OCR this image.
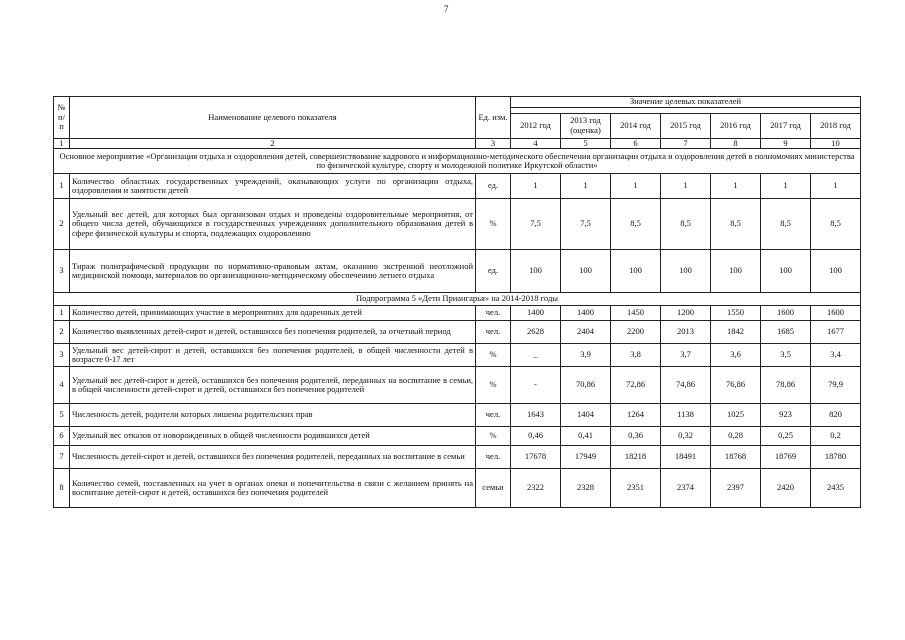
7
№ п/п	Наименование целевого показателя	Ед. изм.	Значение целевых показателей						

			2012 год	2013 год (оценка)	2014 год	2015 год	2016 год	2017 год	2018 год
1	2	3	4	5	6	7	8	9	10
Основное мероприятие «Организация отдыха и оздоровления детей, совершенствование кадрового и информационно-методического обеспечения организации отдыха и оздоровления детей в полномочиях министерства по физической культуре, спорту и молодежной политике Иркутской области»									
1	Количество областных государственных учреждений, оказывающих услуги по организации отдыха, оздоровления и занятости детей	ед.	1	1	1	1	1	1	1
2	Удельный вес детей, для которых был организован отдых и проведены оздоровительные мероприятия, от общего числа детей, обучающихся в государственных учреждениях дополнительного образования детей в сфере физической культуры и спорта, подлежащих оздоровлению	%	7,5	7,5	8,5	8,5	8,5	8,5	8,5
3	Тираж полиграфической продукции по нормативно-правовым актам, оказанию экстренной неотложной медицинской помощи, материалов по организационно-методическому обеспечению летнего отдыха	ед.	100	100	100	100	100	100	100
Подпрограмма 5 «Дети Приангарья» на 2014-2018 годы									
1	Количество детей, принимающих участие в мероприятиях для одаренных детей	чел.	1400	1400	1450	1200	1550	1600	1600
2	Количество выявленных детей-сирот и детей, оставшихся без попечения родителей, за отчетный период	чел.	2628	2404	2200	2013	1842	1685	1677
3	Удельный вес детей-сирот и детей, оставшихся без попечения родителей, в общей численности детей в возрасте 0-17 лет	%	_	3,9	3,8	3,7	3,6	3,5	3,4
4	Удельный вес детей-сирот и детей, оставшихся без попечения родителей, переданных на воспитание в семьи, в общей численности детей-сирот и детей, оставшихся без попечения родителей	%	-	70,86	72,86	74,86	76,86	78,86	79,9
5	Численность детей, родители которых лишены родительских прав	чел.	1643	1404	1264	1138	1025	923	820
6	Удельный вес отказов от новорожденных в общей численности родившихся детей	%	0,46	0,41	0,36	0,32	0,28	0,25	0,2
7	Численность детей-сирот и детей, оставшихся без попечения родителей, переданных на воспитание в семьи	чел.	17678	17949	18218	18491	18768	18769	18780
8	Количество семей, поставленных на учет в органах опеки и попечительства в связи с желанием принять на воспитание детей-сирот и детей, оставшихся без попечения родителей	семьи	2322	2328	2351	2374	2397	2420	2435
